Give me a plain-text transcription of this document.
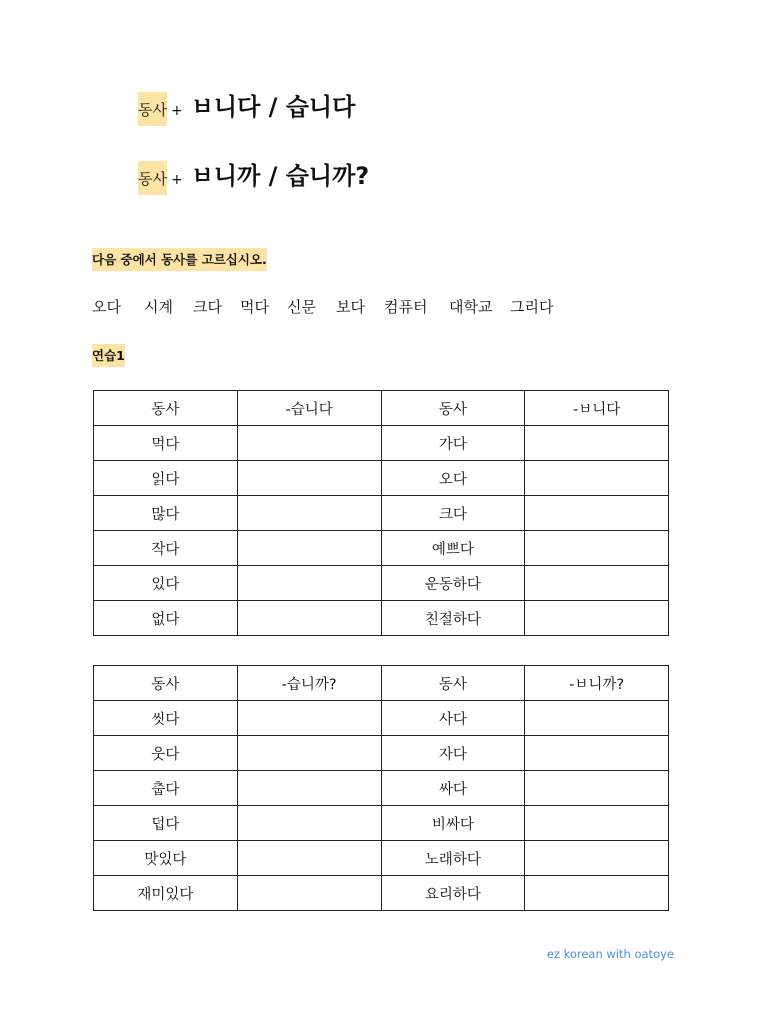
동사 + ㅂ니다 / 습니다
동사 + ㅂ니까 / 습니까?
다음 중에서 동사를 고르십시오.
오다 시계 크다 먹다 신문 보다 컴퓨터 대학교 그리다
연습1
동사	-습니다	동사	-ㅂ니다
먹다		가다	
읽다		오다	
많다		크다	
작다		예쁘다	
있다		운동하다	
없다		친절하다	
동사	-습니까?	동사	-ㅂ니까?
씻다		사다	
웃다		자다	
춥다		싸다	
덥다		비싸다	
맛있다		노래하다	
재미있다		요리하다	
ez korean with oatoye
